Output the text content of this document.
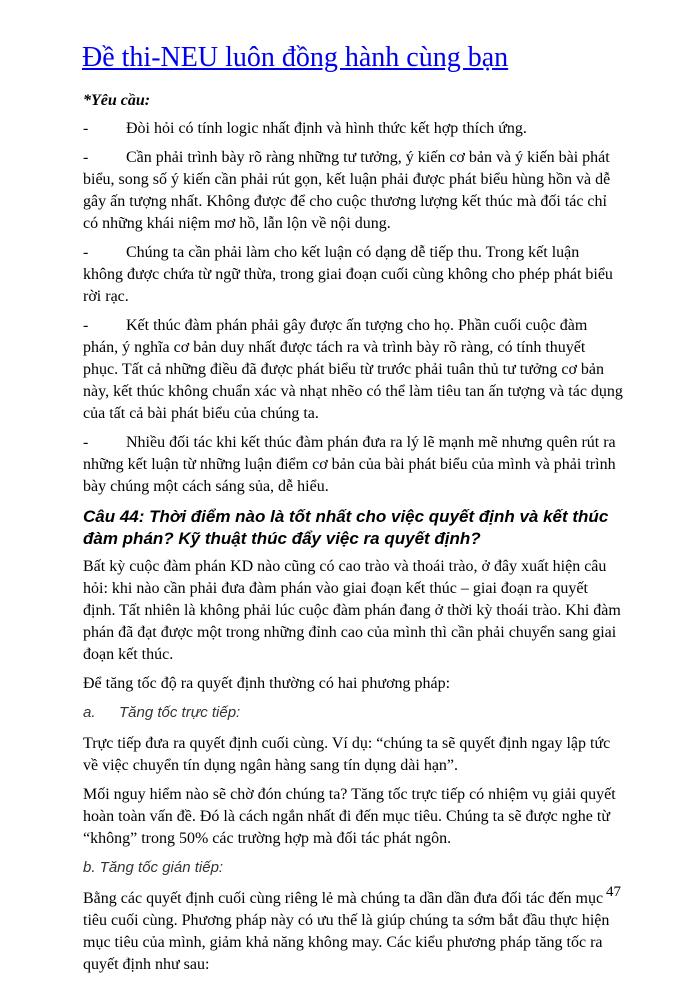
Đề thi-NEU luôn đồng hành cùng bạn

*Yêu cầu:

- Đòi hỏi có tính logic nhất định và hình thức kết hợp thích ứng.

- Cần phải trình bày rõ ràng những tư tưởng, ý kiến cơ bản và ý kiến bài phát biểu, song số ý kiến cần phải rút gọn, kết luận phải được phát biểu hùng hồn và dễ gây ấn tượng nhất. Không được để cho cuộc thương lượng kết thúc mà đối tác chỉ có những khái niệm mơ hồ, lẫn lộn về nội dung.

- Chúng ta cần phải làm cho kết luận có dạng dễ tiếp thu. Trong kết luận không được chứa từ ngữ thừa, trong giai đoạn cuối cùng không cho phép phát biểu rời rạc.

- Kết thúc đàm phán phải gây được ấn tượng cho họ. Phần cuối cuộc đàm phán, ý nghĩa cơ bản duy nhất được tách ra và trình bày rõ ràng, có tính thuyết phục. Tất cả những điều đã được phát biểu từ trước phải tuân thủ tư tưởng cơ bản này, kết thúc không chuẩn xác và nhạt nhẽo có thể làm tiêu tan ấn tượng và tác dụng của tất cả bài phát biểu của chúng ta.

- Nhiều đối tác khi kết thúc đàm phán đưa ra lý lẽ mạnh mẽ nhưng quên rút ra những kết luận từ những luận điểm cơ bản của bài phát biểu của mình và phải trình bày chúng một cách sáng sủa, dễ hiểu.

Câu 44: Thời điểm nào là tốt nhất cho việc quyết định và kết thúc đàm phán? Kỹ thuật thúc đẩy việc ra quyết định?

Bất kỳ cuộc đàm phán KD nào cũng có cao trào và thoái trào, ở đây xuất hiện câu hỏi: khi nào cần phải đưa đàm phán vào giai đoạn kết thúc – giai đoạn ra quyết định. Tất nhiên là không phải lúc cuộc đàm phán đang ở thời kỳ thoái trào. Khi đàm phán đã đạt được một trong những đỉnh cao của mình thì cần phải chuyển sang giai đoạn kết thúc.

Để tăng tốc độ ra quyết định thường có hai phương pháp:

a. Tăng tốc trực tiếp:

Trực tiếp đưa ra quyết định cuối cùng. Ví dụ: “chúng ta sẽ quyết định ngay lập tức về việc chuyển tín dụng ngân hàng sang tín dụng dài hạn”.

Mối nguy hiểm nào sẽ chờ đón chúng ta? Tăng tốc trực tiếp có nhiệm vụ giải quyết hoàn toàn vấn đề. Đó là cách ngắn nhất đi đến mục tiêu. Chúng ta sẽ được nghe từ “không” trong 50% các trường hợp mà đối tác phát ngôn.

b. Tăng tốc gián tiếp:

Bằng các quyết định cuối cùng riêng lẻ mà chúng ta dần dần đưa đối tác đến mục tiêu cuối cùng. Phương pháp này có ưu thế là giúp chúng ta sớm bắt đầu thực hiện mục tiêu của mình, giảm khả năng không may. Các kiểu phương pháp tăng tốc ra quyết định như sau:

47
